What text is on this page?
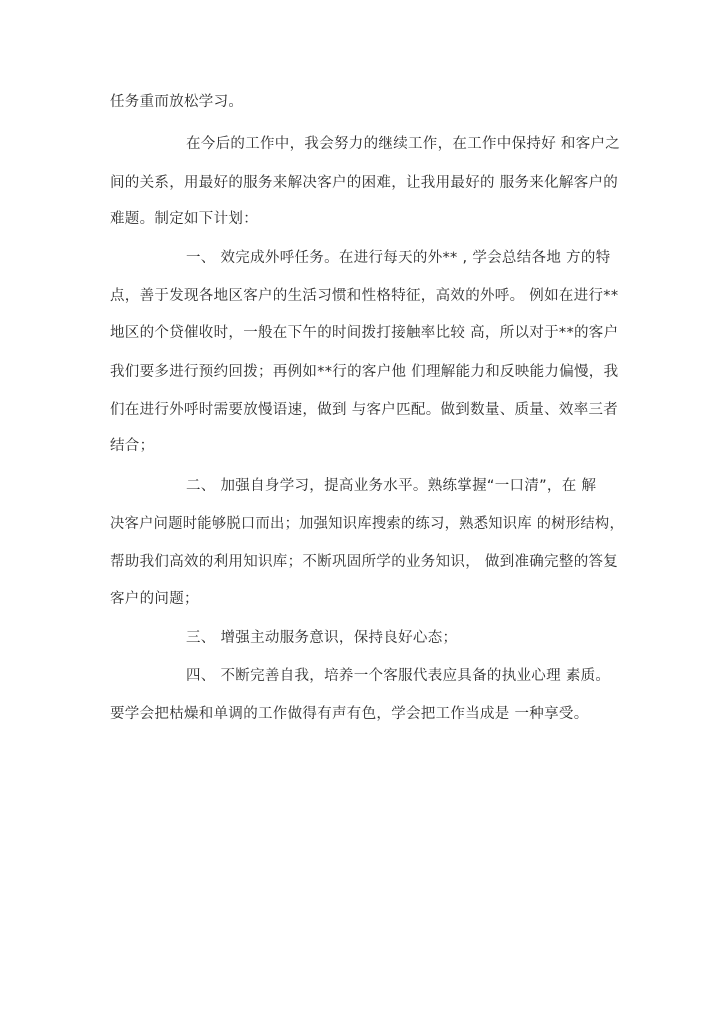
任务重而放松学习。

在今后的工作中，我会努力的继续工作，在工作中保持好 和客户之

间的关系，用最好的服务来解决客户的困难，让我用最好的 服务来化解客户的

难题。制定如下计划：

一、 效完成外呼任务。在进行每天的外** , 学会总结各地 方的特

点，善于发现各地区客户的生活习惯和性格特征，高效的外呼。 例如在进行**

地区的个贷催收时，一般在下午的时间拨打接触率比较 高，所以对于**的客户

我们要多进行预约回拨；再例如**行的客户他 们理解能力和反映能力偏慢，我

们在进行外呼时需要放慢语速，做到 与客户匹配。做到数量、质量、效率三者

结合；

二、 加强自身学习，提高业务水平。熟练掌握“一口清”，在 解

决客户问题时能够脱口而出；加强知识库搜索的练习，熟悉知识库 的树形结构，

帮助我们高效的利用知识库；不断巩固所学的业务知识， 做到准确完整的答复

客户的问题；

三、 增强主动服务意识，保持良好心态；

四、 不断完善自我，培养一个客服代表应具备的执业心理 素质。

要学会把枯燥和单调的工作做得有声有色，学会把工作当成是 一种享受。
